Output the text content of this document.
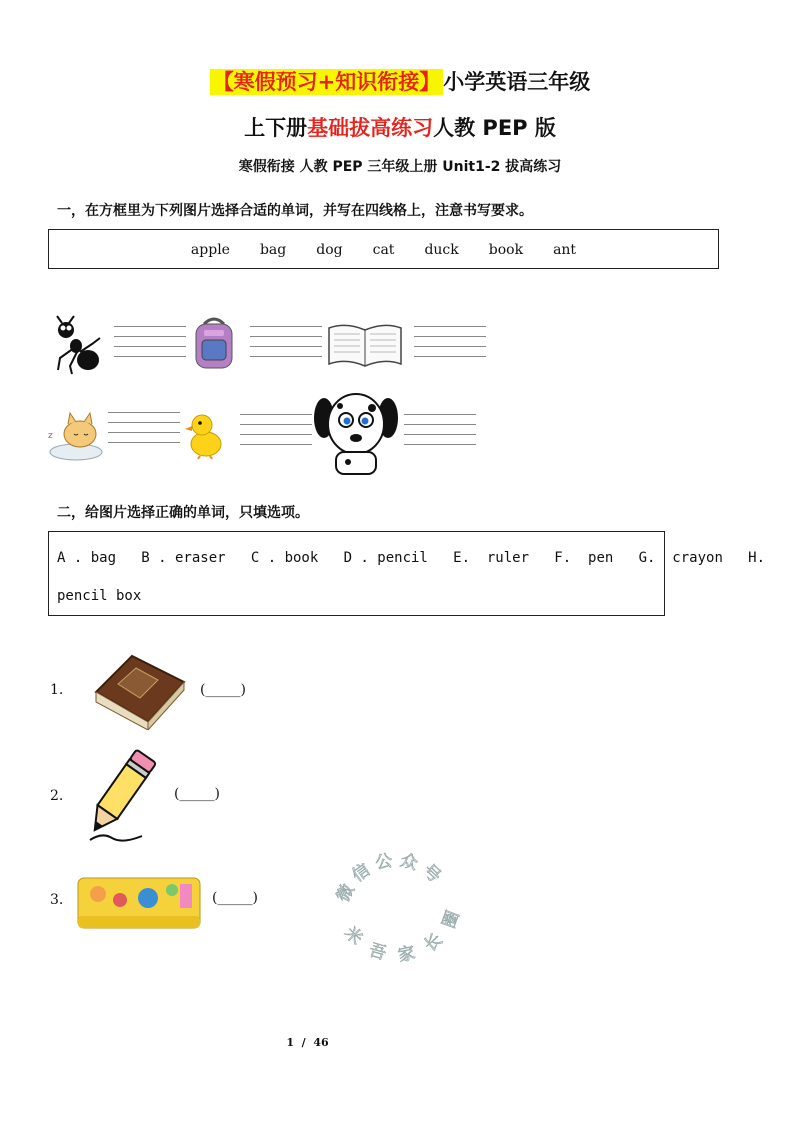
【寒假预习+知识衔接】 小学英语三年级
上下册基础拔高练习人教 PEP 版
寒假衔接 人教 PEP 三年级上册 Unit1-2 拔高练习
一，在方框里为下列图片选择合适的单词，并写在四线格上，注意书写要求。
apple bag dog cat duck book ant
z
二，给图片选择正确的单词，只填选项。
A . bag   B . eraser   C . book   D . pencil   E.  ruler   F.  pen   G.  crayon   H.
pencil box
1.	(_____)
2.	(_____)
3.	(_____)	微信公众号
米吾家长圈
1  /  46
